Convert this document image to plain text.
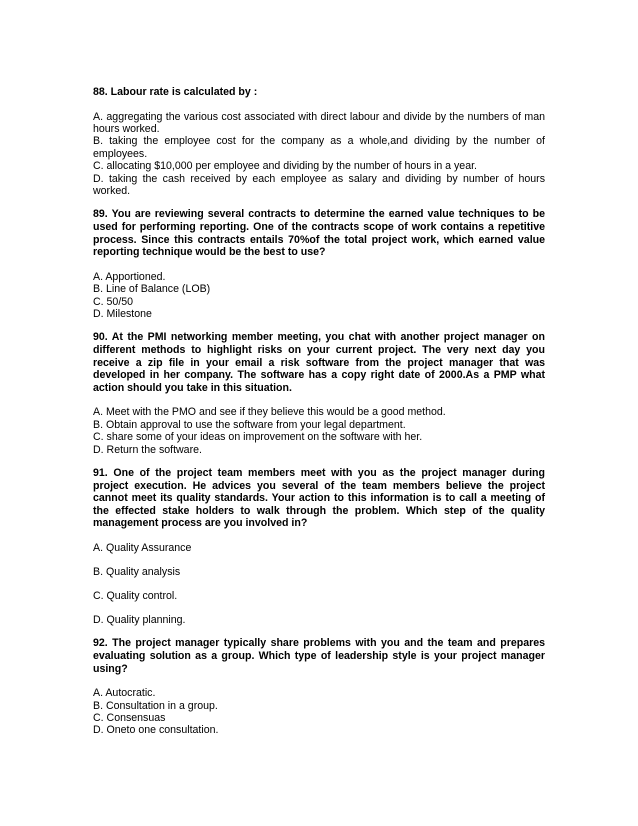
88. Labour rate is calculated by :

A. aggregating the various cost associated with direct labour and divide by the numbers of man hours worked.

B. taking the employee cost for the company as a whole,and dividing by the number of employees.

C. allocating $10,000 per employee and dividing by the number of hours in a year.

D. taking the cash received by each employee as salary and dividing by number of hours worked.

89. You are reviewing several contracts to determine the earned value techniques to be used for performing reporting. One of the contracts scope of work contains a repetitive process. Since this contracts entails 70%of the total project work, which earned value reporting technique would be the best to use?

A. Apportioned.

B. Line of Balance (LOB)

C. 50/50

D. Milestone

90. At the PMI networking member meeting, you chat with another project manager on different methods to highlight risks on your current project. The very next day you receive a zip file in your email a risk software from the project manager that was developed in her company. The software has a copy right date of 2000.As a PMP what action should you take in this situation.

A. Meet with the PMO and see if they believe this would be a good method.

B. Obtain approval to use the software from your legal department.

C. share some of your ideas on improvement on the software with her.

D. Return the software.

91. One of the project team members meet with you as the project manager during project execution. He advices you several of the team members believe the project cannot meet its quality standards. Your action to this information is to call a meeting of the effected stake holders to walk through the problem. Which step of the quality management process are you involved in?

A. Quality Assurance

B. Quality analysis

C. Quality control.

D. Quality planning.

92. The project manager typically share problems with you and the team and prepares evaluating solution as a group. Which type of leadership style is your project manager using?

A. Autocratic.

B. Consultation in a group.

C. Consensuas

D. Oneto one consultation.
